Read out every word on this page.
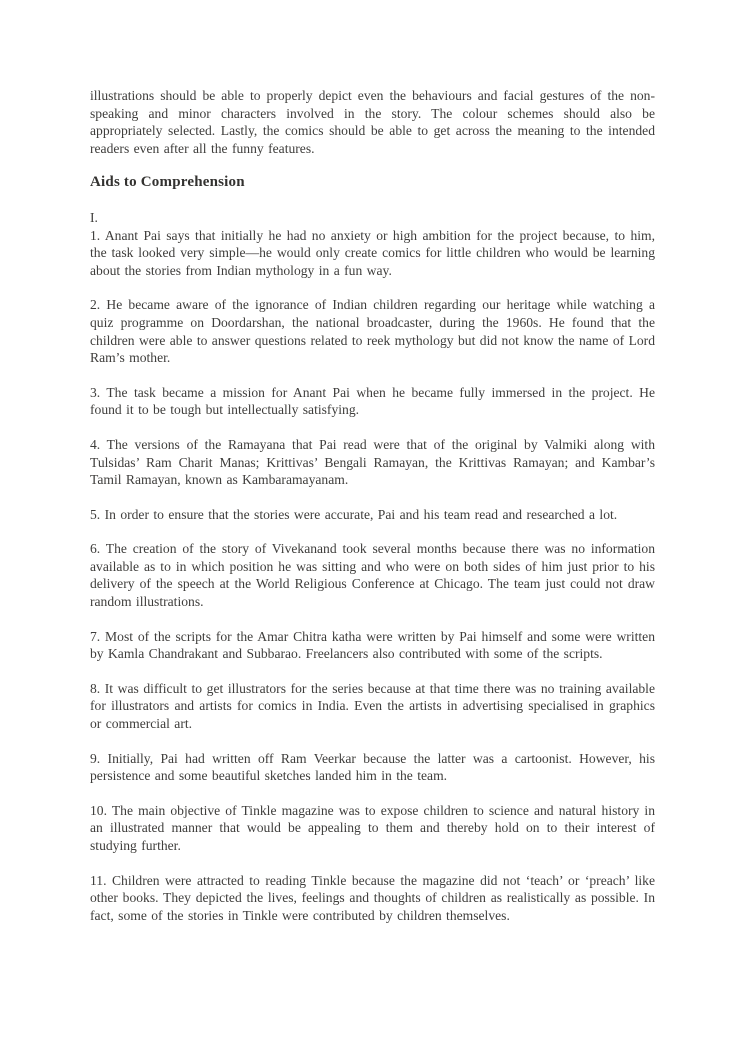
illustrations should be able to properly depict even the behaviours and facial gestures of the non-speaking and minor characters involved in the story. The colour schemes should also be appropriately selected. Lastly, the comics should be able to get across the meaning to the intended readers even after all the funny features.

Aids to Comprehension

I.

1. Anant Pai says that initially he had no anxiety or high ambition for the project because, to him, the task looked very simple—he would only create comics for little children who would be learning about the stories from Indian mythology in a fun way.

2. He became aware of the ignorance of Indian children regarding our heritage while watching a quiz programme on Doordarshan, the national broadcaster, during the 1960s. He found that the children were able to answer questions related to reek mythology but did not know the name of Lord Ram’s mother.

3. The task became a mission for Anant Pai when he became fully immersed in the project. He found it to be tough but intellectually satisfying.

4. The versions of the Ramayana that Pai read were that of the original by Valmiki along with Tulsidas’ Ram Charit Manas; Krittivas’ Bengali Ramayan, the Krittivas Ramayan; and Kambar’s Tamil Ramayan, known as Kambaramayanam.

5. In order to ensure that the stories were accurate, Pai and his team read and researched a lot.

6. The creation of the story of Vivekanand took several months because there was no information available as to in which position he was sitting and who were on both sides of him just prior to his delivery of the speech at the World Religious Conference at Chicago. The team just could not draw random illustrations.

7. Most of the scripts for the Amar Chitra katha were written by Pai himself and some were written by Kamla Chandrakant and Subbarao. Freelancers also contributed with some of the scripts.

8. It was difficult to get illustrators for the series because at that time there was no training available for illustrators and artists for comics in India. Even the artists in advertising specialised in graphics or commercial art.

9. Initially, Pai had written off Ram Veerkar because the latter was a cartoonist. However, his persistence and some beautiful sketches landed him in the team.

10. The main objective of Tinkle magazine was to expose children to science and natural history in an illustrated manner that would be appealing to them and thereby hold on to their interest of studying further.

11. Children were attracted to reading Tinkle because the magazine did not ‘teach’ or ‘preach’ like other books. They depicted the lives, feelings and thoughts of children as realistically as possible. In fact, some of the stories in Tinkle were contributed by children themselves.
